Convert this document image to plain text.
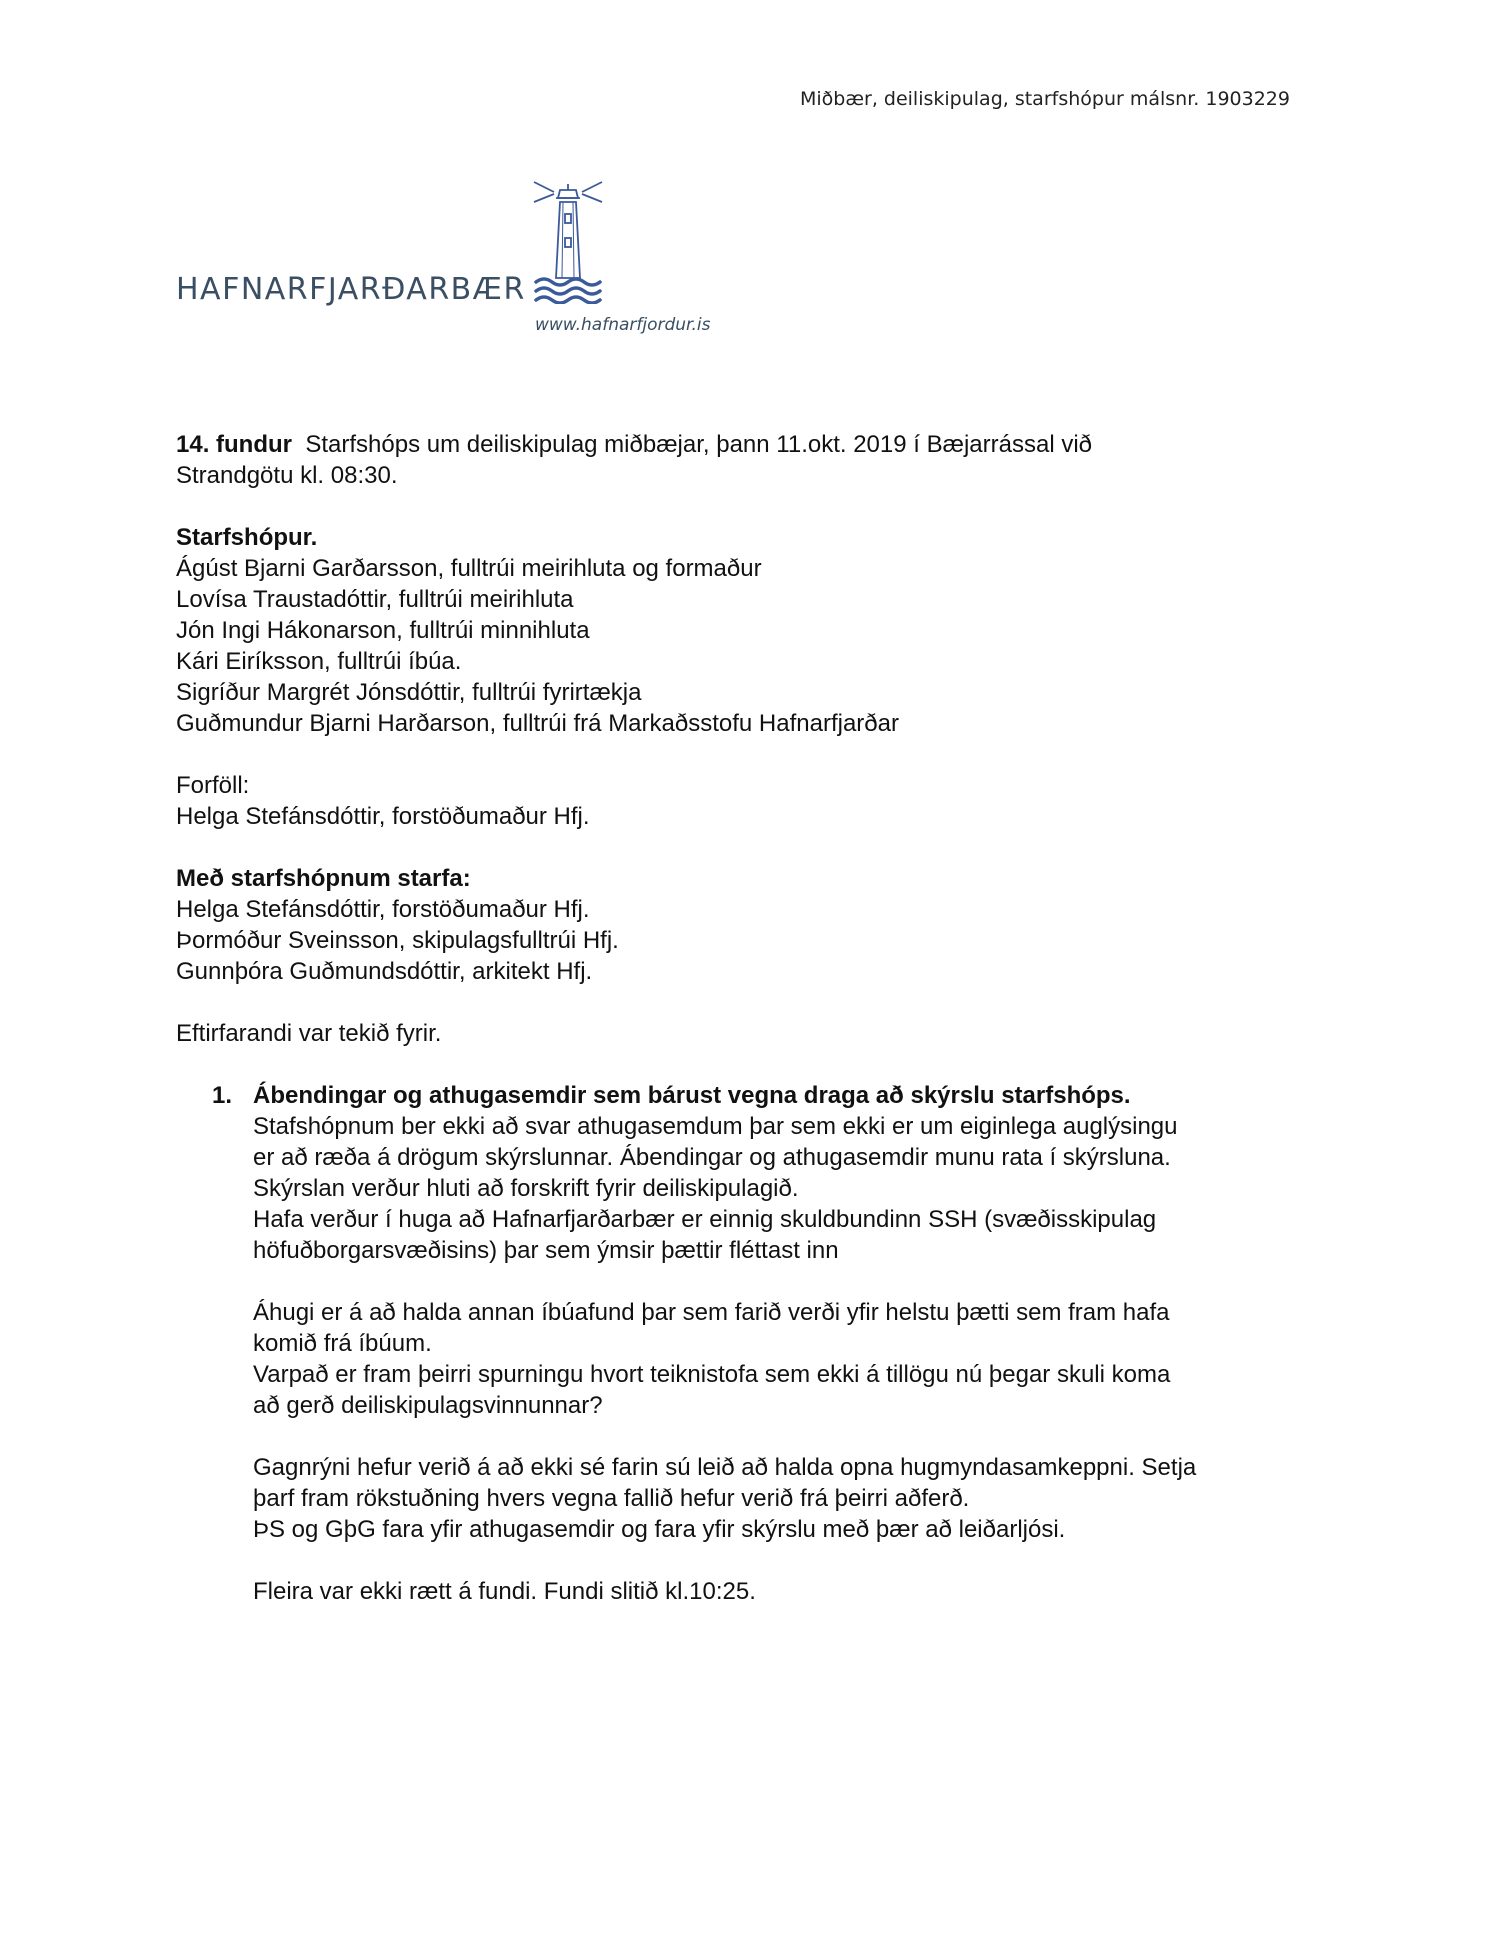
Miðbær, deiliskipulag, starfshópur málsnr. 1903229
HAFNARFJARÐARBÆR
www.hafnarfjordur.is

14. fundur Starfshóps um deiliskipulag miðbæjar, þann 11.okt. 2019 í Bæjarrással við

Strandgötu kl. 08:30.

Starfshópur.

Ágúst Bjarni Garðarsson, fulltrúi meirihluta og formaður

Lovísa Traustadóttir, fulltrúi meirihluta

Jón Ingi Hákonarson, fulltrúi minnihluta

Kári Eiríksson, fulltrúi íbúa.

Sigríður Margrét Jónsdóttir, fulltrúi fyrirtækja

Guðmundur Bjarni Harðarson, fulltrúi frá Markaðsstofu Hafnarfjarðar

Forföll:

Helga Stefánsdóttir, forstöðumaður Hfj.

Með starfshópnum starfa:

Helga Stefánsdóttir, forstöðumaður Hfj.

Þormóður Sveinsson, skipulagsfulltrúi Hfj.

Gunnþóra Guðmundsdóttir, arkitekt Hfj.

Eftirfarandi var tekið fyrir.

1. Ábendingar og athugasemdir sem bárust vegna draga að skýrslu starfshóps.

Stafshópnum ber ekki að svar athugasemdum þar sem ekki er um eiginlega auglýsingu

er að ræða á drögum skýrslunnar. Ábendingar og athugasemdir munu rata í skýrsluna.

Skýrslan verður hluti að forskrift fyrir deiliskipulagið.

Hafa verður í huga að Hafnarfjarðarbær er einnig skuldbundinn SSH (svæðisskipulag

höfuðborgarsvæðisins) þar sem ýmsir þættir fléttast inn

Áhugi er á að halda annan íbúafund þar sem farið verði yfir helstu þætti sem fram hafa

komið frá íbúum.

Varpað er fram þeirri spurningu hvort teiknistofa sem ekki á tillögu nú þegar skuli koma

að gerð deiliskipulagsvinnunnar?

Gagnrýni hefur verið á að ekki sé farin sú leið að halda opna hugmyndasamkeppni. Setja

þarf fram rökstuðning hvers vegna fallið hefur verið frá þeirri aðferð.

ÞS og GþG fara yfir athugasemdir og fara yfir skýrslu með þær að leiðarljósi.

Fleira var ekki rætt á fundi. Fundi slitið kl.10:25.
